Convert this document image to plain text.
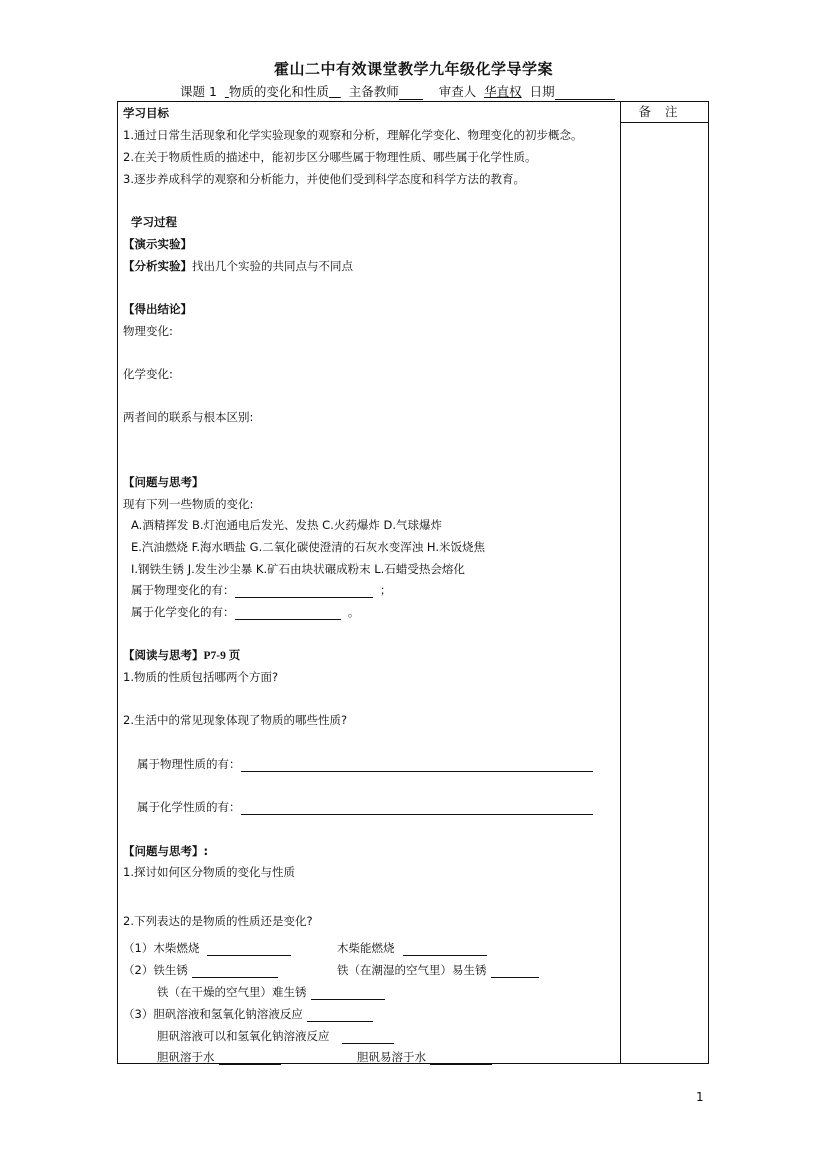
霍山二中有效课堂教学九年级化学导学案
课题 1 物质的变化和性质 主备教师	审查人 华直权 日期
备注
学习目标
1.通过日常生活现象和化学实验现象的观察和分析，理解化学变化、物理变化的初步概念。
2.在关于物质性质的描述中，能初步区分哪些属于物理性质、哪些属于化学性质。
3.逐步养成科学的观察和分析能力，并使他们受到科学态度和科学方法的教育。
学习过程
【演示实验】
【分析实验】找出几个实验的共同点与不同点
【得出结论】
物理变化:
化学变化:
两者间的联系与根本区别:
【问题与思考】
现有下列一些物质的变化:
A.酒精挥发 B.灯泡通电后发光、发热 C.火药爆炸 D.气球爆炸
E.汽油燃烧 F.海水晒盐 G.二氧化碳使澄清的石灰水变浑浊 H.米饭烧焦
I.钢铁生锈 J.发生沙尘暴 K.矿石由块状碾成粉末 L.石蜡受热会熔化
属于物理变化的有：	；
属于化学变化的有：	。
【阅读与思考】P7-9 页
1.物质的性质包括哪两个方面?
2.生活中的常见现象体现了物质的哪些性质?
属于物理性质的有：
属于化学性质的有：
【问题与思考】:
1.探讨如何区分物质的变化与性质
2.下列表达的是物质的性质还是变化?
（1）木柴燃烧	木柴能燃烧
（2）铁生锈	铁（在潮湿的空气里）易生锈
铁（在干燥的空气里）难生锈
（3）胆矾溶液和氢氧化钠溶液反应
胆矾溶液可以和氢氧化钠溶液反应
胆矾溶于水	胆矾易溶于水
1
